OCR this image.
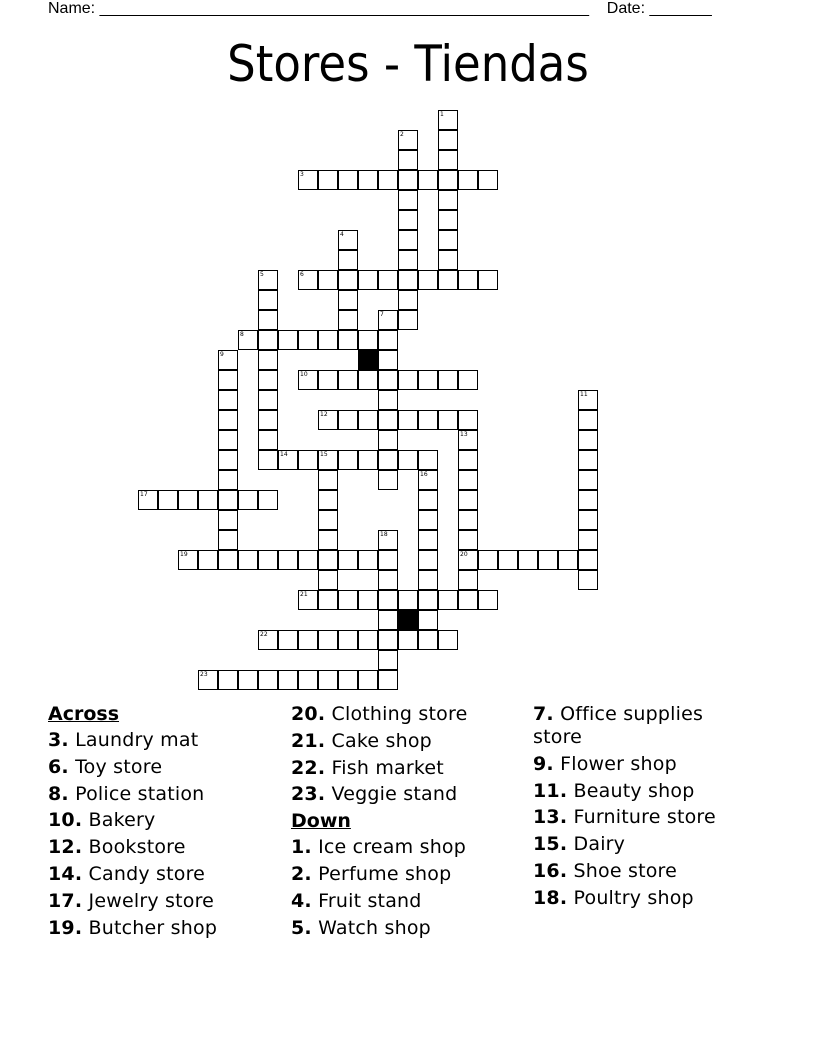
Name: _______________________________________________________ Date: _______
Stores - Tiendas
1
2
3
4
5	6
7
8
9
10
11
12
13
20
14	15
16
17
18
19
21
22
23
Across
3. Laundry mat
6. Toy store
8. Police station
10. Bakery
12. Bookstore
14. Candy store
17. Jewelry store
19. Butcher shop
20. Clothing store
21. Cake shop
22. Fish market
23. Veggie stand
Down
1. Ice cream shop
2. Perfume shop
4. Fruit stand
5. Watch shop
7. Office supplies store
9. Flower shop
11. Beauty shop
13. Furniture store
15. Dairy
16. Shoe store
18. Poultry shop
